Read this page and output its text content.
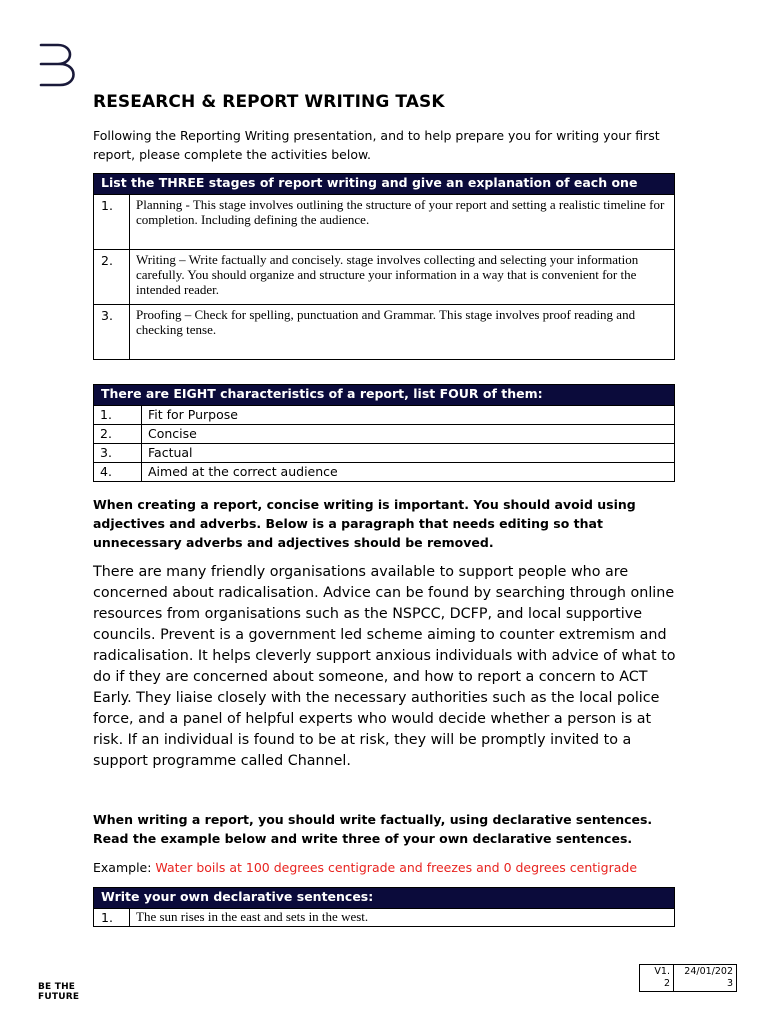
RESEARCH & REPORT WRITING TASK
Following the Reporting Writing presentation, and to help prepare you for writing your first report, please complete the activities below.
List the THREE stages of report writing and give an explanation of each one	

1.	Planning - This stage involves outlining the structure of your report and setting a realistic timeline for completion. Including defining the audience.

2.	Writing – Write factually and concisely. stage involves collecting and selecting your information carefully. You should organize and structure your information in a way that is convenient for the intended reader.

3.	Proofing – Check for spelling, punctuation and Grammar. This stage involves proof reading and checking tense.
There are EIGHT characteristics of a report, list FOUR of them:	
1.	Fit for Purpose
2.	Concise
3.	Factual
4.	Aimed at the correct audience
When creating a report, concise writing is important. You should avoid using adjectives and adverbs. Below is a paragraph that needs editing so that unnecessary adverbs and adjectives should be removed.
There are many friendly organisations available to support people who are concerned about radicalisation. Advice can be found by searching through online resources from organisations such as the NSPCC, DCFP, and local supportive councils. Prevent is a government led scheme aiming to counter extremism and radicalisation. It helps cleverly support anxious individuals with advice of what to do if they are concerned about someone, and how to report a concern to ACT Early. They liaise closely with the necessary authorities such as the local police force, and a panel of helpful experts who would decide whether a person is at risk. If an individual is found to be at risk, they will be promptly invited to a support programme called Channel.
When writing a report, you should write factually, using declarative sentences. Read the example below and write three of your own declarative sentences.
Example: Water boils at 100 degrees centigrade and freezes and 0 degrees centigrade
Write your own declarative sentences:

1.	The sun rises in the east and sets in the west.
BE THE
FUTURE
V1.
2

24/01/202
3
